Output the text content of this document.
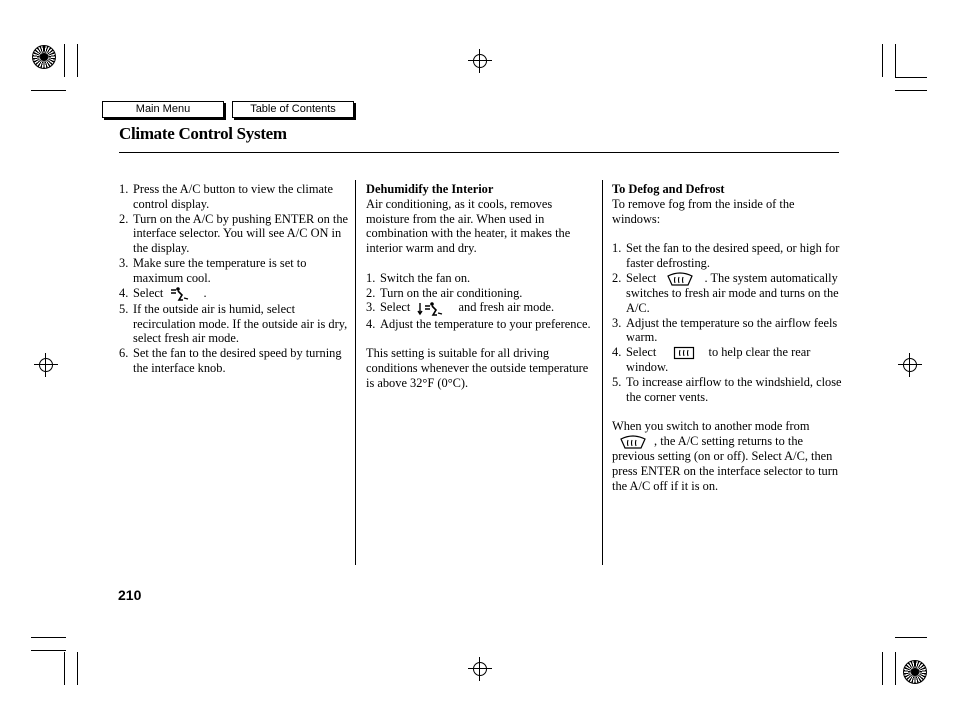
Main Menu	Table of Contents
Climate Control System
1. Press the A/C button to view the climate control display.
2. Turn on the A/C by pushing ENTER on the interface selector. You will see A/C ON in the display.
3. Make sure the temperature is set to maximum cool.
4. Select	.
5. If the outside air is humid, select recirculation mode. If the outside air is dry, select fresh air mode.
6. Set the fan to the desired speed by turning the interface knob.

Dehumidify the Interior

Air conditioning, as it cools, removes moisture from the air. When used in combination with the heater, it makes the interior warm and dry.

1. Switch the fan on.
2. Turn on the air conditioning.
3. Select	and fresh air mode.
4. Adjust the temperature to your preference.

This setting is suitable for all driving conditions whenever the outside temperature is above 32°F (0°C).

To Defog and Defrost

To remove fog from the inside of the windows:

1. Set the fan to the desired speed, or high for faster defrosting.
2. Select	. The system automatically switches to fresh air mode and turns on the A/C.
3. Adjust the temperature so the airflow feels warm.
4. Select	to help clear the rear window.
5. To increase airflow to the windshield, close the corner vents.

When you switch to another mode from , the A/C setting returns to the previous setting (on or off). Select A/C, then press ENTER on the interface selector to turn the A/C off if it is on.

210
